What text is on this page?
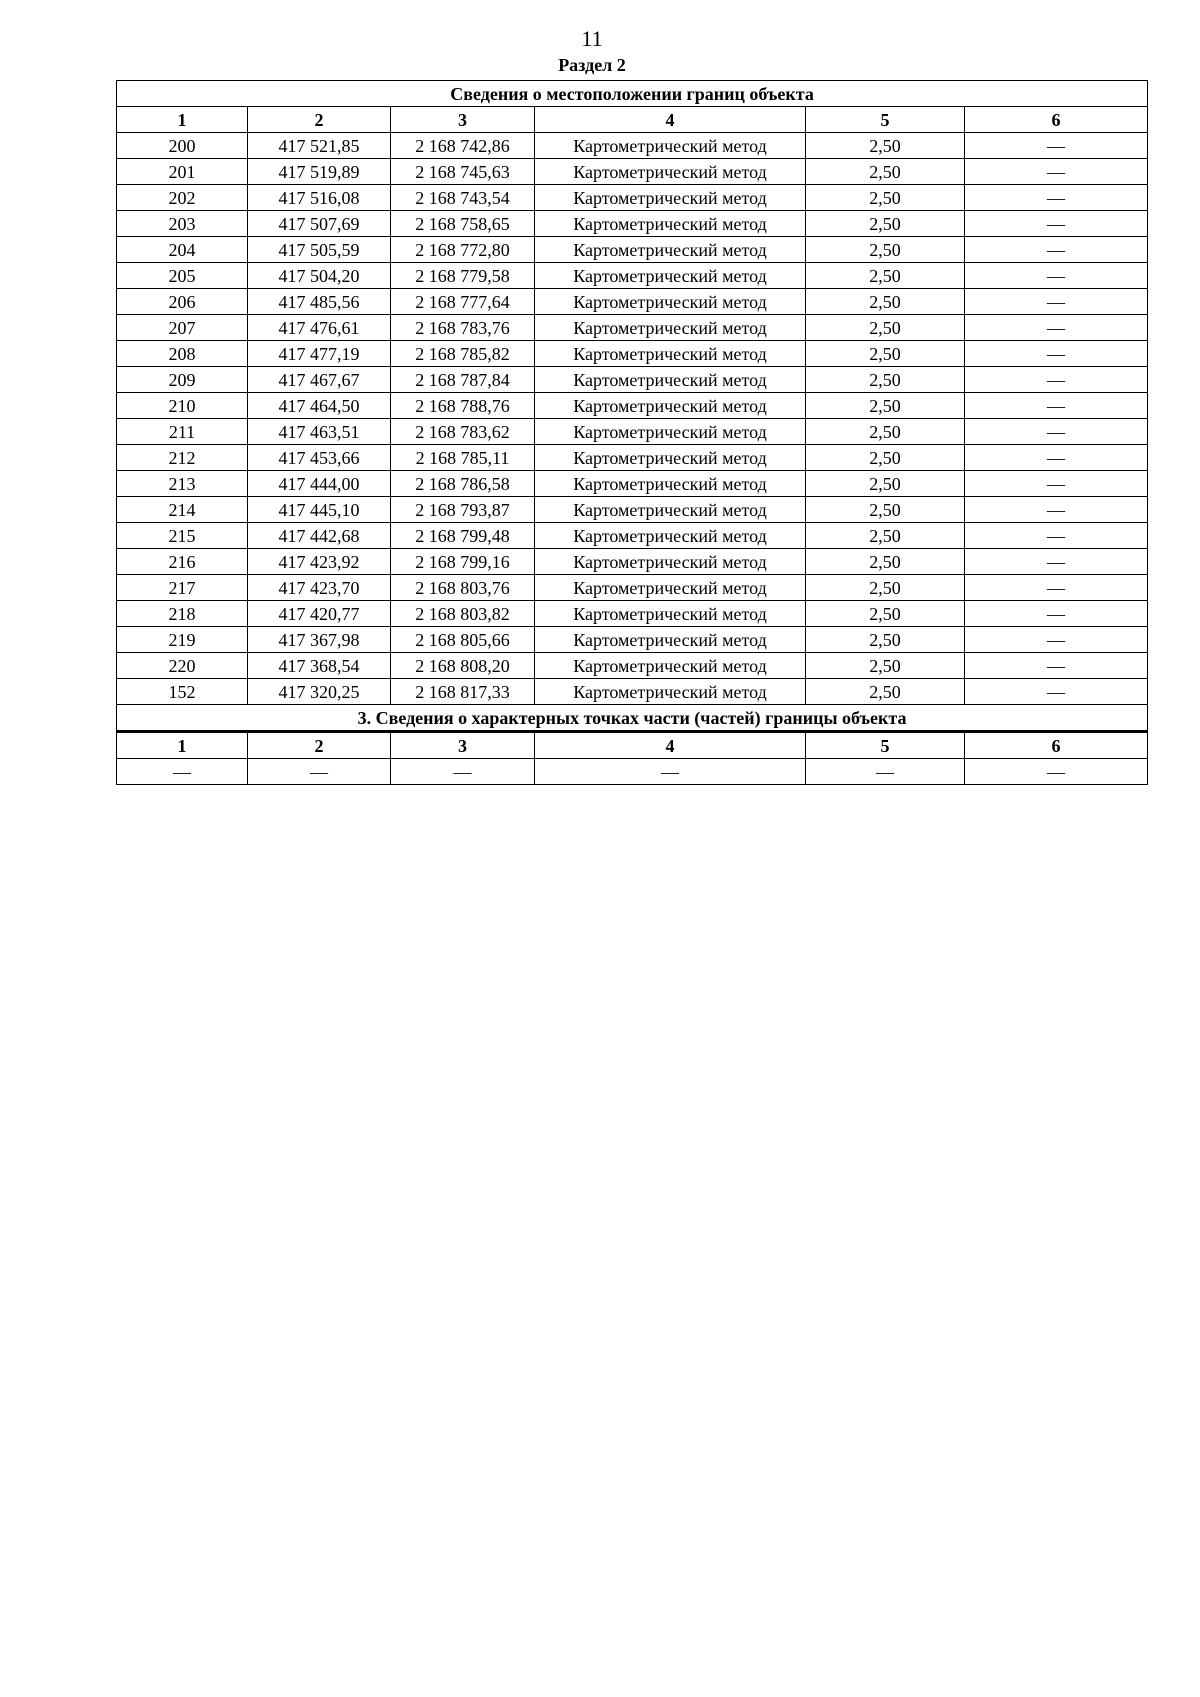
11
Раздел 2
Сведения о местоположении границ объекта					
1	2	3	4	5	6
200	417 521,85	2 168 742,86	Картометрический метод	2,50	—
201	417 519,89	2 168 745,63	Картометрический метод	2,50	—
202	417 516,08	2 168 743,54	Картометрический метод	2,50	—
203	417 507,69	2 168 758,65	Картометрический метод	2,50	—
204	417 505,59	2 168 772,80	Картометрический метод	2,50	—
205	417 504,20	2 168 779,58	Картометрический метод	2,50	—
206	417 485,56	2 168 777,64	Картометрический метод	2,50	—
207	417 476,61	2 168 783,76	Картометрический метод	2,50	—
208	417 477,19	2 168 785,82	Картометрический метод	2,50	—
209	417 467,67	2 168 787,84	Картометрический метод	2,50	—
210	417 464,50	2 168 788,76	Картометрический метод	2,50	—
211	417 463,51	2 168 783,62	Картометрический метод	2,50	—
212	417 453,66	2 168 785,11	Картометрический метод	2,50	—
213	417 444,00	2 168 786,58	Картометрический метод	2,50	—
214	417 445,10	2 168 793,87	Картометрический метод	2,50	—
215	417 442,68	2 168 799,48	Картометрический метод	2,50	—
216	417 423,92	2 168 799,16	Картометрический метод	2,50	—
217	417 423,70	2 168 803,76	Картометрический метод	2,50	—
218	417 420,77	2 168 803,82	Картометрический метод	2,50	—
219	417 367,98	2 168 805,66	Картометрический метод	2,50	—
220	417 368,54	2 168 808,20	Картометрический метод	2,50	—
152	417 320,25	2 168 817,33	Картометрический метод	2,50	—
3. Сведения о характерных точках части (частей) границы объекта					
1	2	3	4	5	6
—	—	—	—	—	—
